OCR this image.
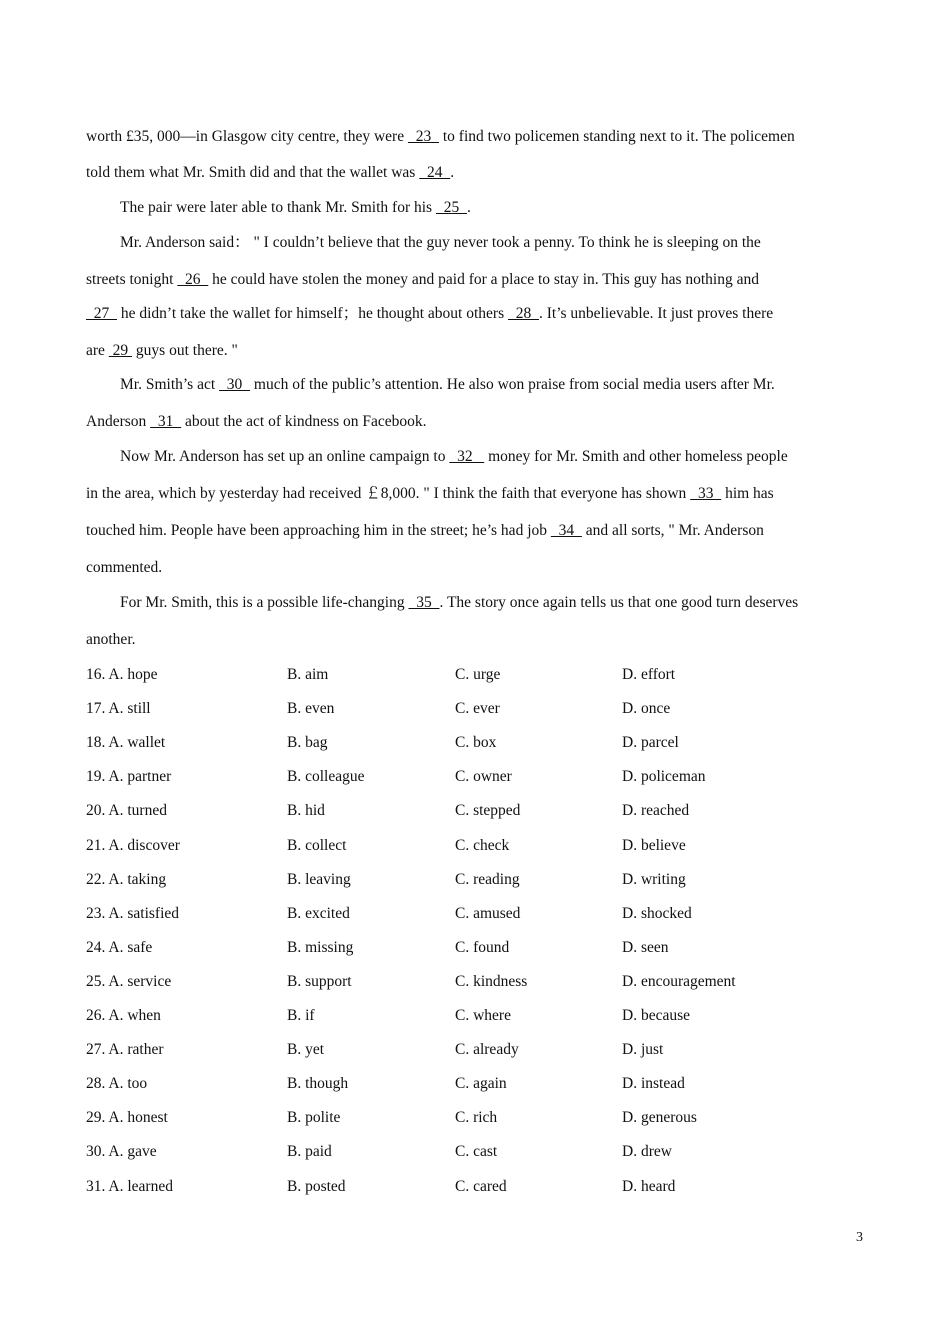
worth £35, 000—in Glasgow city centre, they were   23   to find two policemen standing next to it. The policemen
told them what Mr. Smith did and that the wallet was   24  .
The pair were later able to thank Mr. Smith for his   25  .
Mr. Anderson said： " I couldn’t believe that the guy never took a penny. To think he is sleeping on the
streets tonight   26   he could have stolen the money and paid for a place to stay in. This guy has nothing and
27   he didn’t take the wallet for himself；he thought about others   28  . It’s unbelievable. It just proves there
are  29  guys out there. "
Mr. Smith’s act   30   much of the public’s attention. He also won praise from social media users after Mr.
Anderson   31   about the act of kindness on Facebook.
Now Mr. Anderson has set up an online campaign to   32    money for Mr. Smith and other homeless people
in the area, which by yesterday had received ￡8,000. " I think the faith that everyone has shown   33   him has
touched him. People have been approaching him in the street; he’s had job   34   and all sorts, " Mr. Anderson
commented.
For Mr. Smith, this is a possible life-changing   35  . The story once again tells us that one good turn deserves
another.
16. A. hope	B. aim	C. urge	D. effort
17. A. still	B. even	C. ever	D. once
18. A. wallet	B. bag	C. box	D. parcel
19. A. partner	B. colleague	C. owner	D. policeman
20. A. turned	B. hid	C. stepped	D. reached
21. A. discover	B. collect	C. check	D. believe
22. A. taking	B. leaving	C. reading	D. writing
23. A. satisfied	B. excited	C. amused	D. shocked
24. A. safe	B. missing	C. found	D. seen
25. A. service	B. support	C. kindness	D. encouragement
26. A. when	B. if	C. where	D. because
27. A. rather	B. yet	C. already	D. just
28. A. too	B. though	C. again	D. instead
29. A. honest	B. polite	C. rich	D. generous
30. A. gave	B. paid	C. cast	D. drew
31. A. learned	B. posted	C. cared	D. heard
3
